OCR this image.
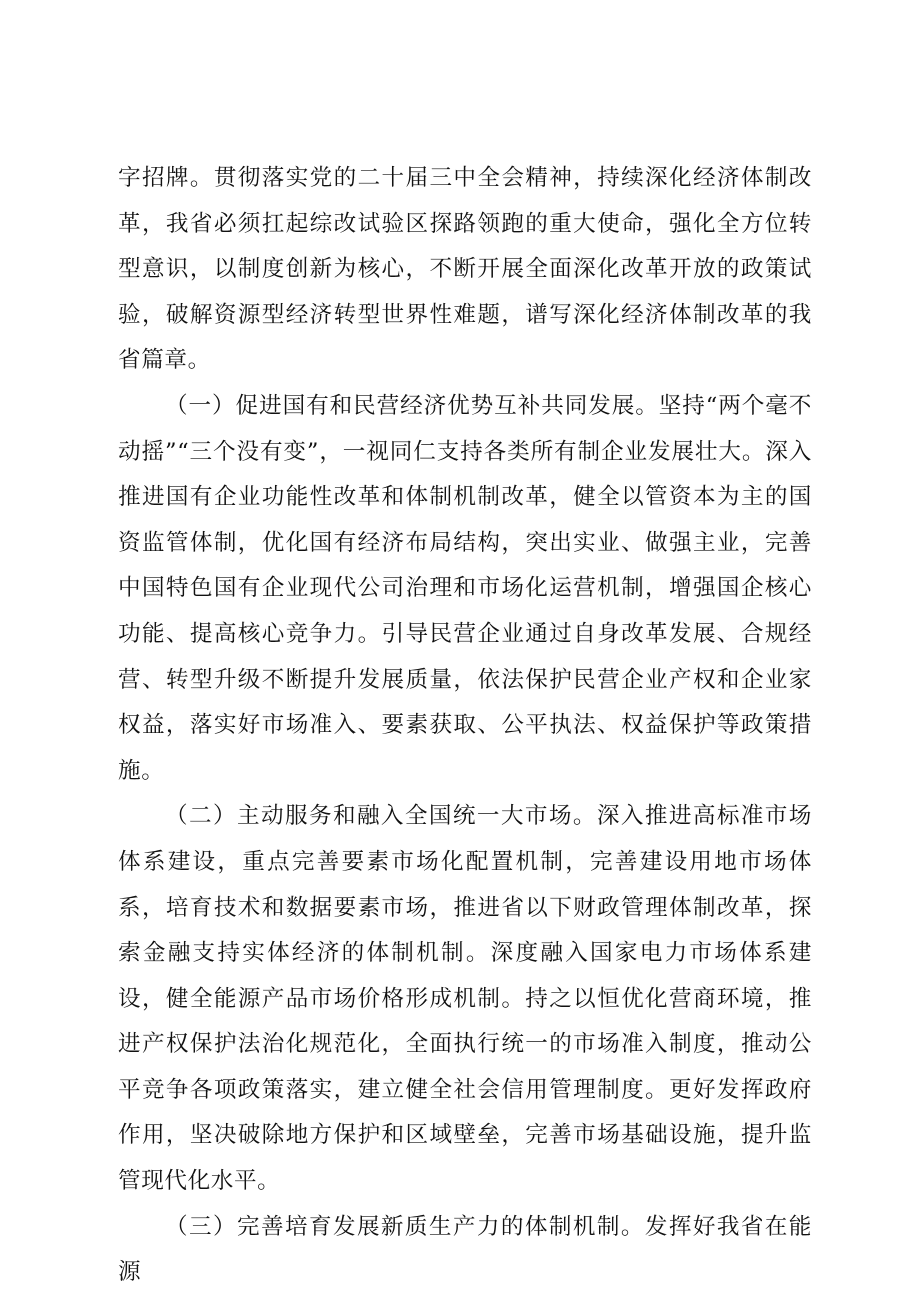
字招牌。贯彻落实党的二十届三中全会精神，持续深化经济体制改革，我省必须扛起综改试验区探路领跑的重大使命，强化全方位转型意识，以制度创新为核心，不断开展全面深化改革开放的政策试验，破解资源型经济转型世界性难题，谱写深化经济体制改革的我省篇章。

（一）促进国有和民营经济优势互补共同发展。坚持“两个毫不动摇”“三个没有变”，一视同仁支持各类所有制企业发展壮大。深入推进国有企业功能性改革和体制机制改革，健全以管资本为主的国资监管体制，优化国有经济布局结构，突出实业、做强主业，完善中国特色国有企业现代公司治理和市场化运营机制，增强国企核心功能、提高核心竞争力。引导民营企业通过自身改革发展、合规经营、转型升级不断提升发展质量，依法保护民营企业产权和企业家权益，落实好市场准入、要素获取、公平执法、权益保护等政策措施。

（二）主动服务和融入全国统一大市场。深入推进高标准市场体系建设，重点完善要素市场化配置机制，完善建设用地市场体系，培育技术和数据要素市场，推进省以下财政管理体制改革，探索金融支持实体经济的体制机制。深度融入国家电力市场体系建设，健全能源产品市场价格形成机制。持之以恒优化营商环境，推进产权保护法治化规范化，全面执行统一的市场准入制度，推动公平竞争各项政策落实，建立健全社会信用管理制度。更好发挥政府作用，坚决破除地方保护和区域壁垒，完善市场基础设施，提升监管现代化水平。

（三）完善培育发展新质生产力的体制机制。发挥好我省在能源
